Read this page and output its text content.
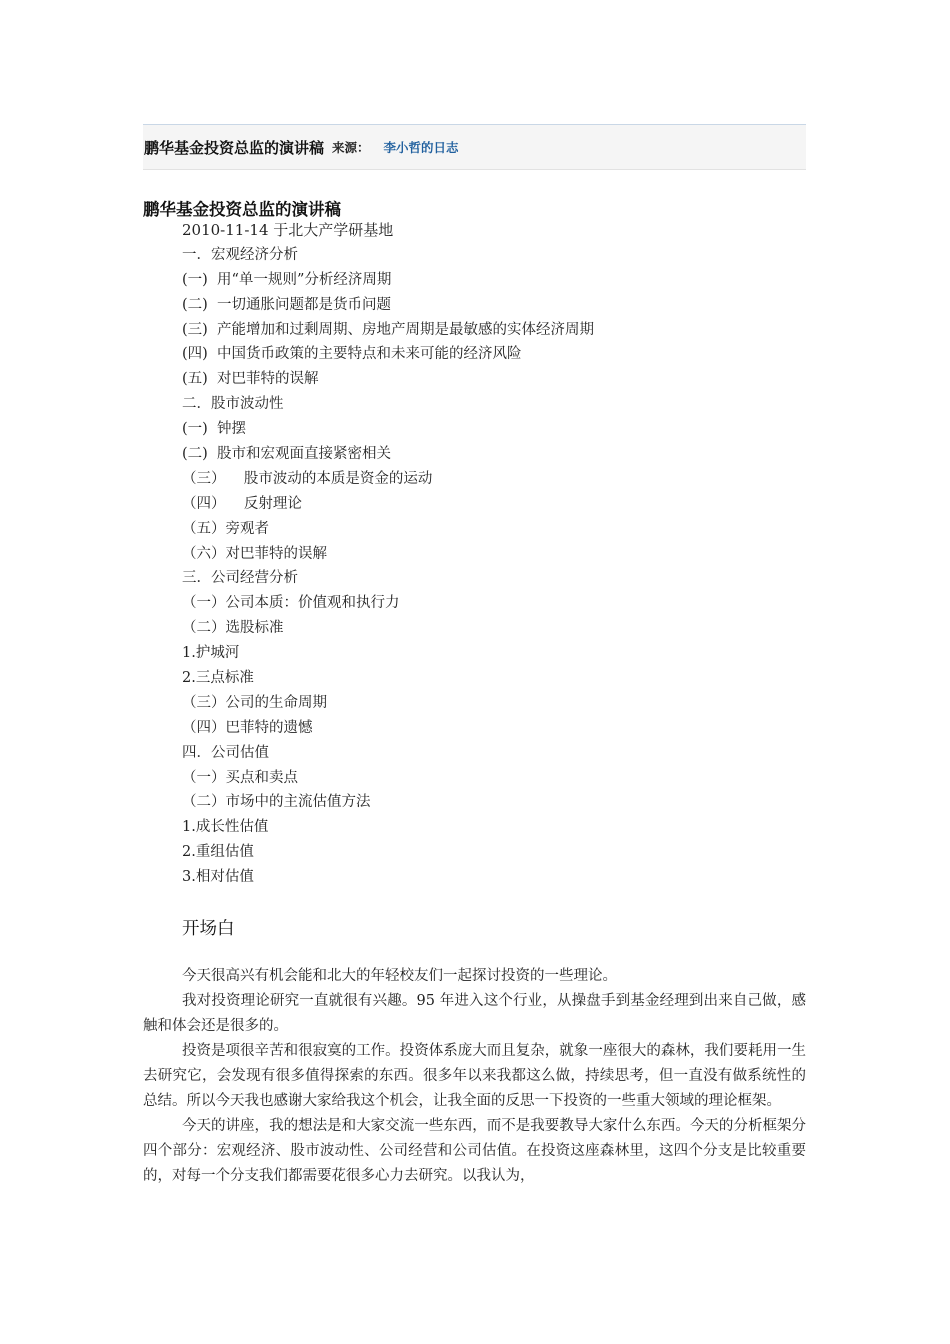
鹏华基金投资总监的演讲稿 来源： 李小哲的日志
鹏华基金投资总监的演讲稿
2010-11-14 于北大产学研基地
一．宏观经济分析
(一)  用“单一规则”分析经济周期
(二)  一切通胀问题都是货币问题
(三)  产能增加和过剩周期、房地产周期是最敏感的实体经济周期
(四)  中国货币政策的主要特点和未来可能的经济风险
(五)  对巴菲特的误解
二．股市波动性
(一)  钟摆
(二)  股市和宏观面直接紧密相关
（三）    股市波动的本质是资金的运动
（四）    反射理论
（五）旁观者
（六）对巴菲特的误解
三．公司经营分析
（一）公司本质：价值观和执行力
（二）选股标准
1.护城河
2.三点标准
（三）公司的生命周期
（四）巴菲特的遗憾
四．公司估值
（一）买点和卖点
（二）市场中的主流估值方法
1.成长性估值
2.重组估值
3.相对估值
开场白

今天很高兴有机会能和北大的年轻校友们一起探讨投资的一些理论。

我对投资理论研究一直就很有兴趣。95 年进入这个行业，从操盘手到基金经理到出来自己做，感触和体会还是很多的。

投资是项很辛苦和很寂寞的工作。投资体系庞大而且复杂，就象一座很大的森林，我们要耗用一生去研究它，会发现有很多值得探索的东西。很多年以来我都这么做，持续思考，但一直没有做系统性的总结。所以今天我也感谢大家给我这个机会，让我全面的反思一下投资的一些重大领域的理论框架。

今天的讲座，我的想法是和大家交流一些东西，而不是我要教导大家什么东西。今天的分析框架分四个部分：宏观经济、股市波动性、公司经营和公司估值。在投资这座森林里，这四个分支是比较重要的，对每一个分支我们都需要花很多心力去研究。以我认为，
